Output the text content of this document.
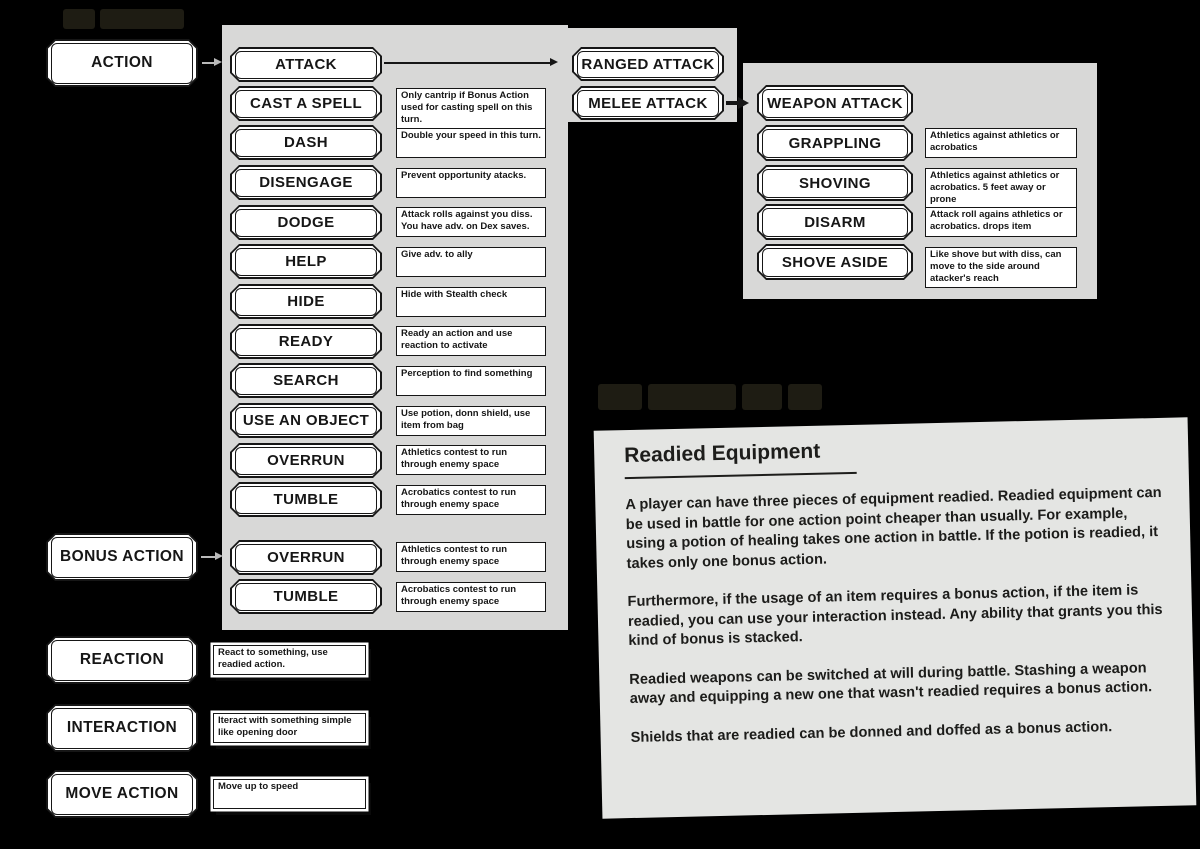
ACTION
BONUS ACTION
REACTION
INTERACTION
MOVE ACTION
React to something, use readied action.
Iteract with something simple like opening door
Move up to speed
ATTACK
CAST A SPELL
DASH
DISENGAGE
DODGE
HELP
HIDE
READY
SEARCH
USE AN OBJECT
OVERRUN
TUMBLE
Only cantrip if Bonus Action used for casting spell on this turn.
Double your speed in this turn.
Prevent opportunity atacks.
Attack rolls against you diss. You have adv. on Dex saves.
Give adv. to ally
Hide with Stealth check
Ready an action and use reaction to activate
Perception to find something
Use potion, donn shield, use item from bag
Athletics contest to run through enemy space
Acrobatics contest to run through enemy space
OVERRUN
TUMBLE
Athletics contest to run through enemy space
Acrobatics contest to run through enemy space
RANGED ATTACK
MELEE ATTACK	WEAPON ATTACK
GRAPPLING
SHOVING
DISARM
SHOVE ASIDE
Athletics against athletics or acrobatics
Athletics against athletics or acrobatics. 5 feet away or prone
Attack roll agains athletics or acrobatics. drops item
Like shove but with diss, can move to the side around atacker's reach
Readied Equipment

A player can have three pieces of equipment readied. Readied equipment can be used in battle for one action point cheaper than usually. For example, using a potion of healing takes one action in battle. If the potion is readied, it takes only one bonus action.

Furthermore, if the usage of an item requires a bonus action, if the item is readied, you can use your interaction instead. Any ability that grants you this kind of bonus is stacked.

Readied weapons can be switched at will during battle. Stashing a weapon away and equipping a new one that wasn't readied requires a bonus action.

Shields that are readied can be donned and doffed as a bonus action.
